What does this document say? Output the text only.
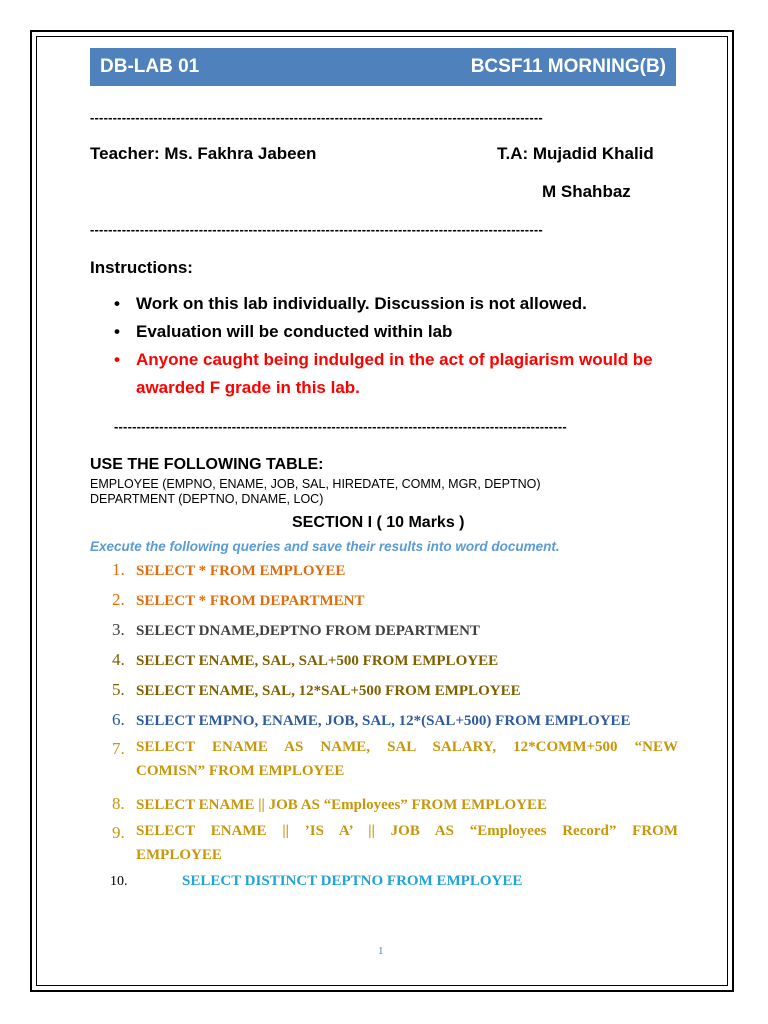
DB-LAB 01	BCSF11 MORNING(B)
----------------------------------------------------------------------------------------------------
Teacher: Ms. Fakhra Jabeen	T.A: Mujadid Khalid
M Shahbaz
----------------------------------------------------------------------------------------------------
Instructions:
• Work on this lab individually. Discussion is not allowed.
• Evaluation will be conducted within lab
• Anyone caught being indulged in the act of plagiarism would be awarded F grade in this lab.
----------------------------------------------------------------------------------------------------
USE THE FOLLOWING TABLE:
EMPLOYEE (EMPNO, ENAME, JOB, SAL, HIREDATE, COMM, MGR, DEPTNO)
DEPARTMENT (DEPTNO, DNAME, LOC)
SECTION I ( 10 Marks )
Execute the following queries and save their results into word document.
1. SELECT * FROM EMPLOYEE
2. SELECT * FROM DEPARTMENT
3. SELECT DNAME,DEPTNO FROM DEPARTMENT
4. SELECT ENAME, SAL, SAL+500 FROM EMPLOYEE
5. SELECT ENAME, SAL, 12*SAL+500 FROM EMPLOYEE
6. SELECT EMPNO, ENAME, JOB, SAL, 12*(SAL+500) FROM EMPLOYEE
7. SELECT ENAME AS NAME, SAL SALARY, 12*COMM+500 “NEW
COMISN” FROM EMPLOYEE
8. SELECT ENAME || JOB AS “Employees” FROM EMPLOYEE
9. SELECT ENAME || ’IS A’ || JOB AS “Employees Record” FROM
EMPLOYEE
10.	SELECT DISTINCT DEPTNO FROM EMPLOYEE
1
